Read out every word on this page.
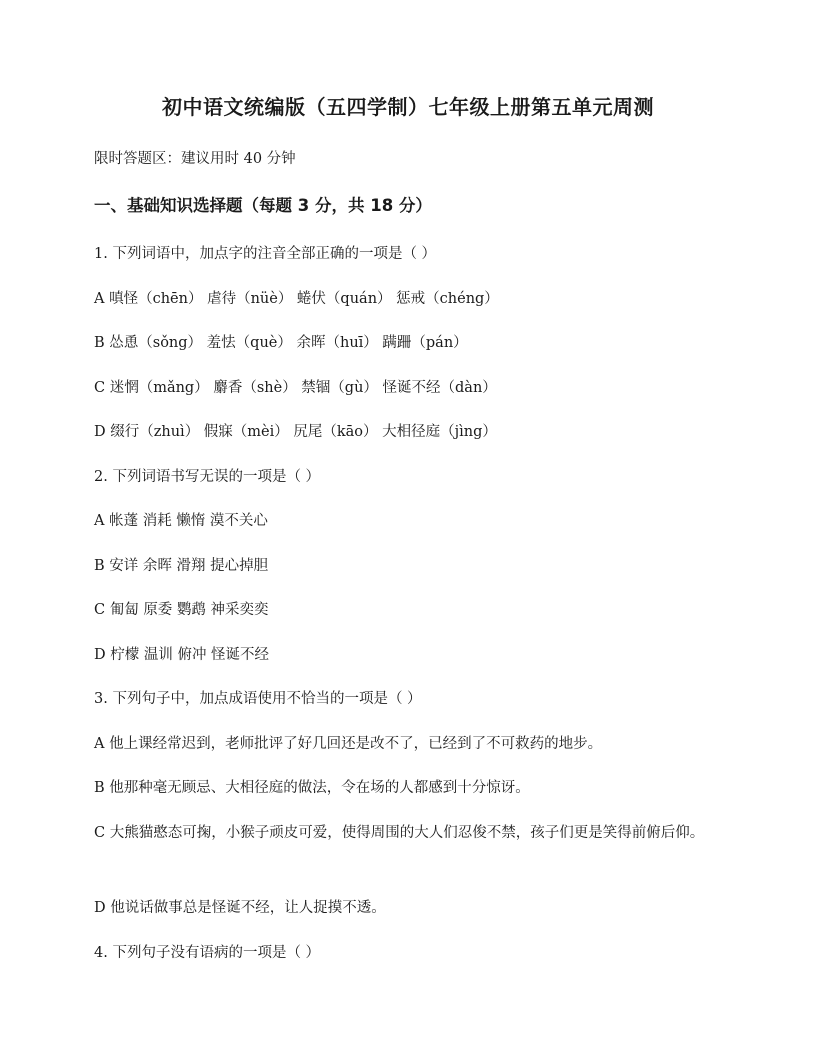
初中语文统编版（五四学制）七年级上册第五单元周测
限时答题区：建议用时 40 分钟
一、基础知识选择题（每题 3 分，共 18 分）
1. 下列词语中，加点字的注音全部正确的一项是（ ）
A 嗔怪（chēn） 虐待（nüè） 蜷伏（quán） 惩戒（chéng）
B 怂恿（sǒng） 羞怯（què） 余晖（huī） 蹒跚（pán）
C 迷惘（mǎng） 麝香（shè） 禁锢（gù） 怪诞不经（dàn）
D 缀行（zhuì） 假寐（mèi） 尻尾（kāo） 大相径庭（jìng）
2. 下列词语书写无误的一项是（ ）
A 帐蓬 消耗 懒惰 漠不关心
B 安详 余晖 滑翔 提心掉胆
C 匍匐 原委 鹦鹉 神采奕奕
D 柠檬 温训 俯冲 怪诞不经
3. 下列句子中，加点成语使用不恰当的一项是（ ）
A 他上课经常迟到，老师批评了好几回还是改不了，已经到了不可救药的地步。
B 他那种毫无顾忌、大相径庭的做法，令在场的人都感到十分惊讶。
C 大熊猫憨态可掬，小猴子顽皮可爱，使得周围的大人们忍俊不禁，孩子们更是笑得前俯后仰。
D 他说话做事总是怪诞不经，让人捉摸不透。
4. 下列句子没有语病的一项是（ ）
